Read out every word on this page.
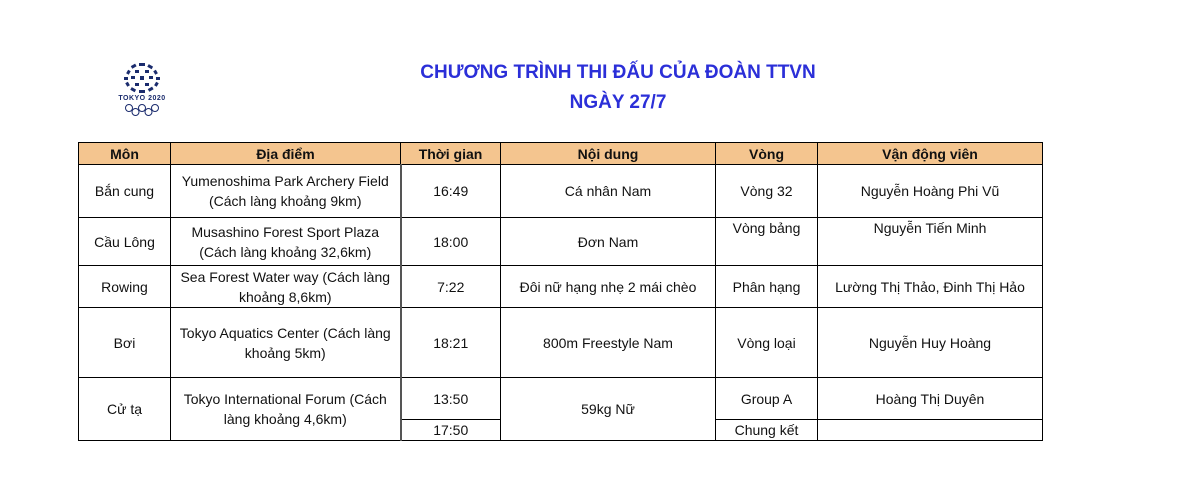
TOKYO 2020
CHƯƠNG TRÌNH THI ĐẤU CỦA ĐOÀN TTVN
NGÀY 27/7
Môn	Địa điểm	Thời gian	Nội dung	Vòng	Vận động viên
Bắn cung	Yumenoshima Park Archery Field (Cách làng khoảng 9km)	16:49	Cá nhân Nam	Vòng 32	Nguyễn Hoàng Phi Vũ
Cầu Lông	Musashino Forest Sport Plaza (Cách làng khoảng 32,6km)	18:00	Đơn Nam	Vòng bảng	Nguyễn Tiến Minh
Rowing	Sea Forest Water way (Cách làng khoảng 8,6km)	7:22	Đôi nữ hạng nhẹ 2 mái chèo	Phân hạng	Lường Thị Thảo, Đinh Thị Hảo
Bơi	Tokyo Aquatics Center (Cách làng khoảng 5km)	18:21	800m Freestyle Nam	Vòng loại	Nguyễn Huy Hoàng
Cử tạ	Tokyo International Forum (Cách làng khoảng 4,6km)	13:50	59kg Nữ	Group A	Hoàng Thị Duyên
		17:50		Chung kết	
